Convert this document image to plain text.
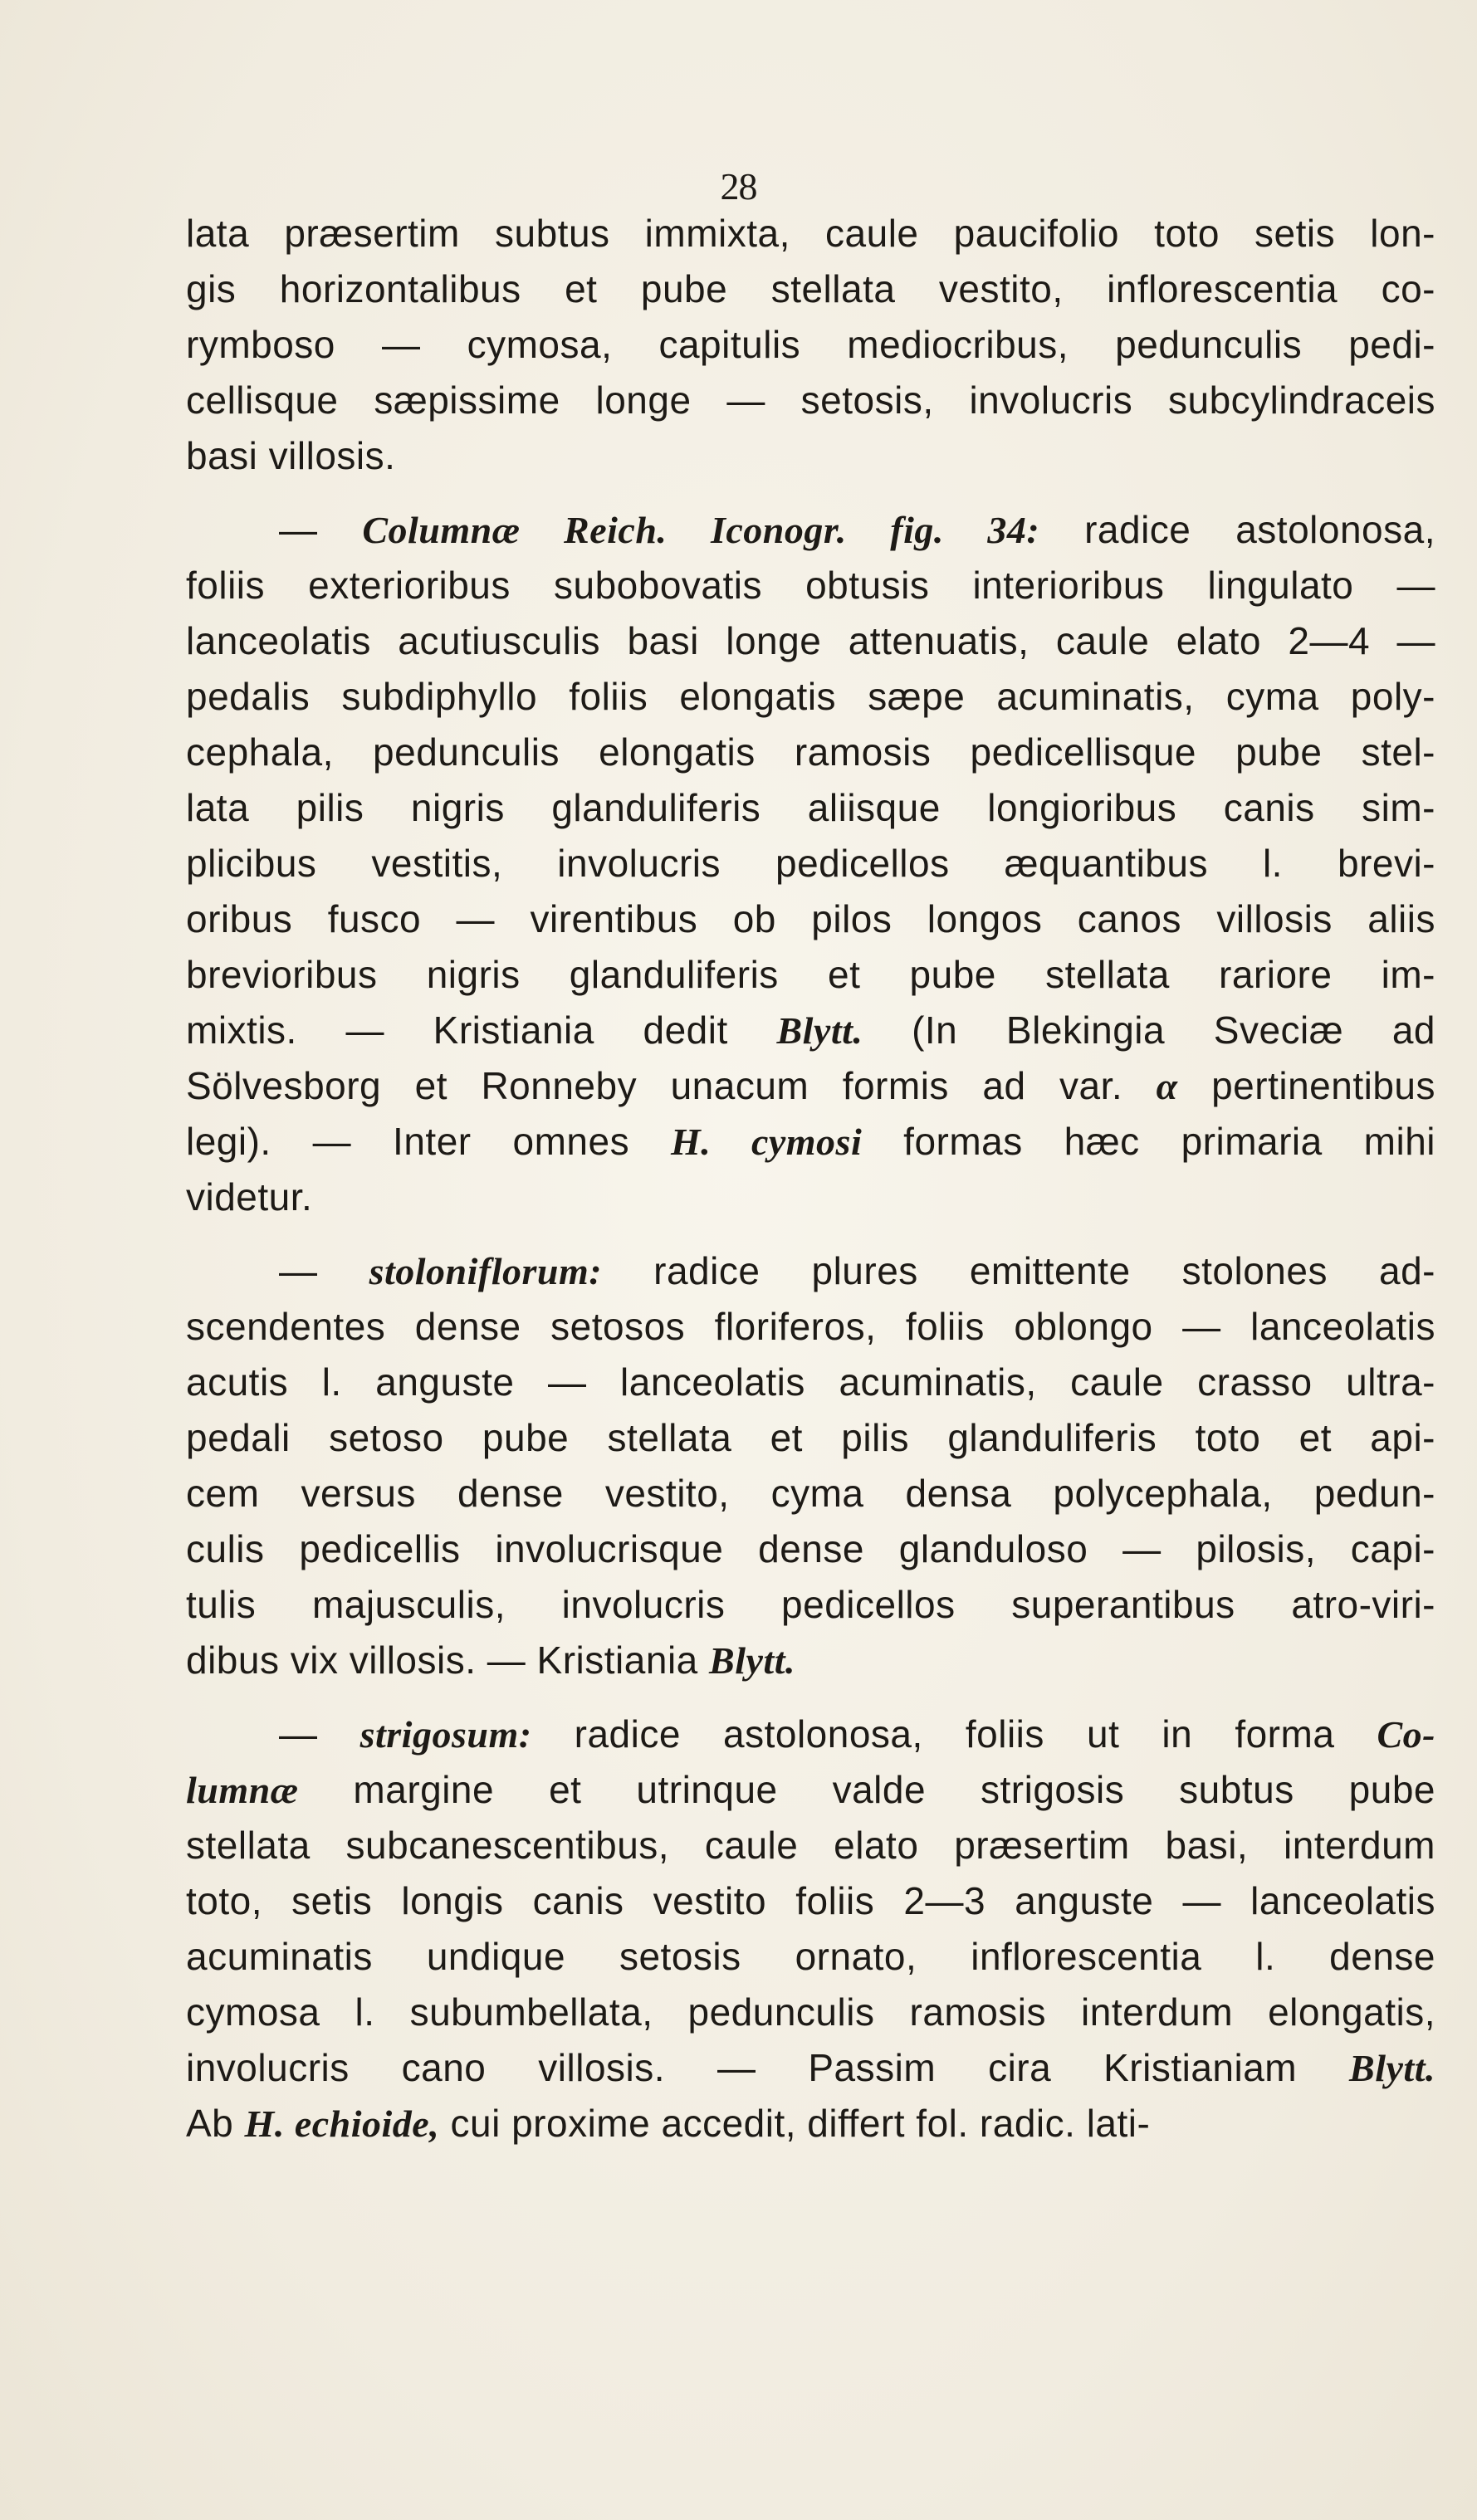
28
lata præsertim subtus immixta, caule paucifolio toto setis lon-
gis horizontalibus et pube stellata vestito, inflorescentia co-
rymboso — cymosa, capitulis mediocribus, pedunculis pedi-
cellisque sæpissime longe — setosis, involucris subcylindraceis
basi villosis.
— Columnæ Reich. Iconogr. fig. 34: radice astolonosa,
foliis exterioribus subobovatis obtusis interioribus lingulato —
lanceolatis acutiusculis basi longe attenuatis, caule elato 2—4 —
pedalis subdiphyllo foliis elongatis sæpe acuminatis, cyma poly-
cephala, pedunculis elongatis ramosis pedicellisque pube stel-
lata pilis nigris glanduliferis aliisque longioribus canis sim-
plicibus vestitis, involucris pedicellos æquantibus l. brevi-
oribus fusco — virentibus ob pilos longos canos villosis aliis
brevioribus nigris glanduliferis et pube stellata rariore im-
mixtis. — Kristiania dedit Blytt. (In Blekingia Sveciæ ad
Sölvesborg et Ronneby unacum formis ad var. α pertinentibus
legi). — Inter omnes H. cymosi formas hæc primaria mihi
videtur.
— stoloniflorum: radice plures emittente stolones ad-
scendentes dense setosos floriferos, foliis oblongo — lanceolatis
acutis l. anguste — lanceolatis acuminatis, caule crasso ultra-
pedali setoso pube stellata et pilis glanduliferis toto et api-
cem versus dense vestito, cyma densa polycephala, pedun-
culis pedicellis involucrisque dense glanduloso — pilosis, capi-
tulis majusculis, involucris pedicellos superantibus atro-viri-
dibus vix villosis. — Kristiania Blytt.
— strigosum: radice astolonosa, foliis ut in forma Co-
lumnæ margine et utrinque valde strigosis subtus pube
stellata subcanescentibus, caule elato præsertim basi, interdum
toto, setis longis canis vestito foliis 2—3 anguste — lanceolatis
acuminatis undique setosis ornato, inflorescentia l. dense
cymosa l. subumbellata, pedunculis ramosis interdum elongatis,
involucris cano villosis. — Passim cira Kristianiam Blytt.
Ab H. echioide, cui proxime accedit, differt fol. radic. lati-
